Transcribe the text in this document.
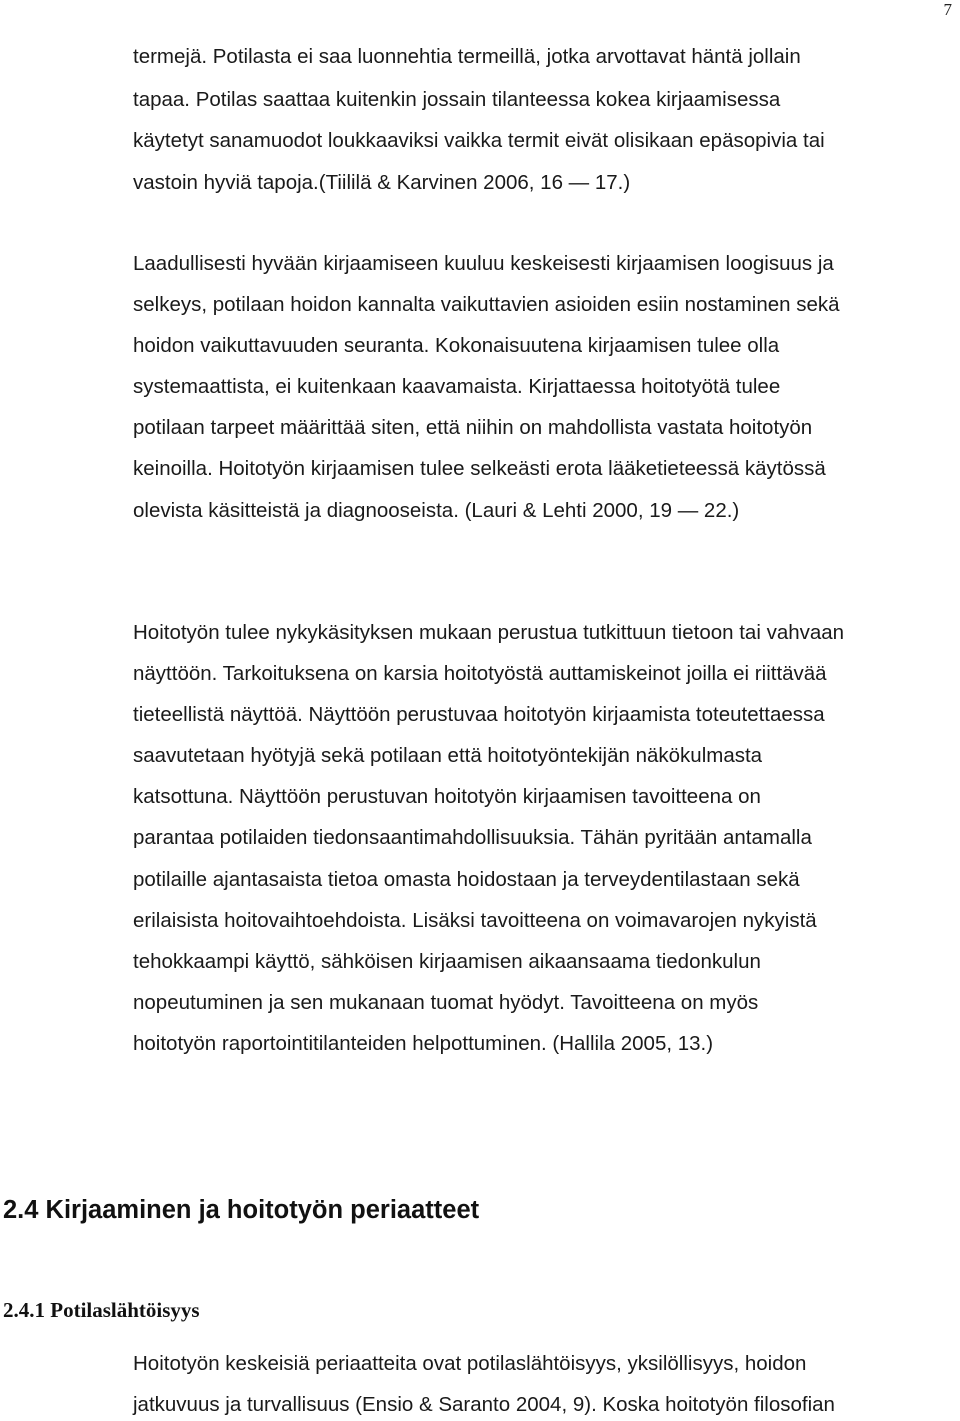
7
termejä. Potilasta ei saa luonnehtia termeillä, jotka arvottavat häntä jollain
tapaa. Potilas saattaa kuitenkin jossain tilanteessa kokea kirjaamisessa
käytetyt sanamuodot loukkaaviksi vaikka termit eivät olisikaan epäsopivia tai
vastoin hyviä tapoja.(Tiililä & Karvinen 2006, 16 — 17.)
Laadullisesti hyvään kirjaamiseen kuuluu keskeisesti kirjaamisen loogisuus ja
selkeys, potilaan hoidon kannalta vaikuttavien asioiden esiin nostaminen sekä
hoidon vaikuttavuuden seuranta. Kokonaisuutena kirjaamisen tulee olla
systemaattista, ei kuitenkaan kaavamaista. Kirjattaessa hoitotyötä tulee
potilaan tarpeet määrittää siten, että niihin on mahdollista vastata hoitotyön
keinoilla. Hoitotyön kirjaamisen tulee selkeästi erota lääketieteessä käytössä
olevista käsitteistä ja diagnooseista. (Lauri & Lehti 2000, 19 — 22.)
Hoitotyön tulee nykykäsityksen mukaan perustua tutkittuun tietoon tai vahvaan
näyttöön. Tarkoituksena on karsia hoitotyöstä auttamiskeinot joilla ei riittävää
tieteellistä näyttöä. Näyttöön perustuvaa hoitotyön kirjaamista toteutettaessa
saavutetaan hyötyjä sekä potilaan että hoitotyöntekijän näkökulmasta
katsottuna. Näyttöön perustuvan hoitotyön kirjaamisen tavoitteena on
parantaa potilaiden tiedonsaantimahdollisuuksia. Tähän pyritään antamalla
potilaille ajantasaista tietoa omasta hoidostaan ja terveydentilastaan sekä
erilaisista hoitovaihtoehdoista. Lisäksi tavoitteena on voimavarojen nykyistä
tehokkaampi käyttö, sähköisen kirjaamisen aikaansaama tiedonkulun
nopeutuminen ja sen mukanaan tuomat hyödyt. Tavoitteena on myös
hoitotyön raportointitilanteiden helpottuminen. (Hallila 2005, 13.)
2.4 Kirjaaminen ja hoitotyön periaatteet
2.4.1 Potilaslähtöisyys
Hoitotyön keskeisiä periaatteita ovat potilaslähtöisyys, yksilöllisyys, hoidon
jatkuvuus ja turvallisuus (Ensio & Saranto 2004, 9). Koska hoitotyön filosofian
